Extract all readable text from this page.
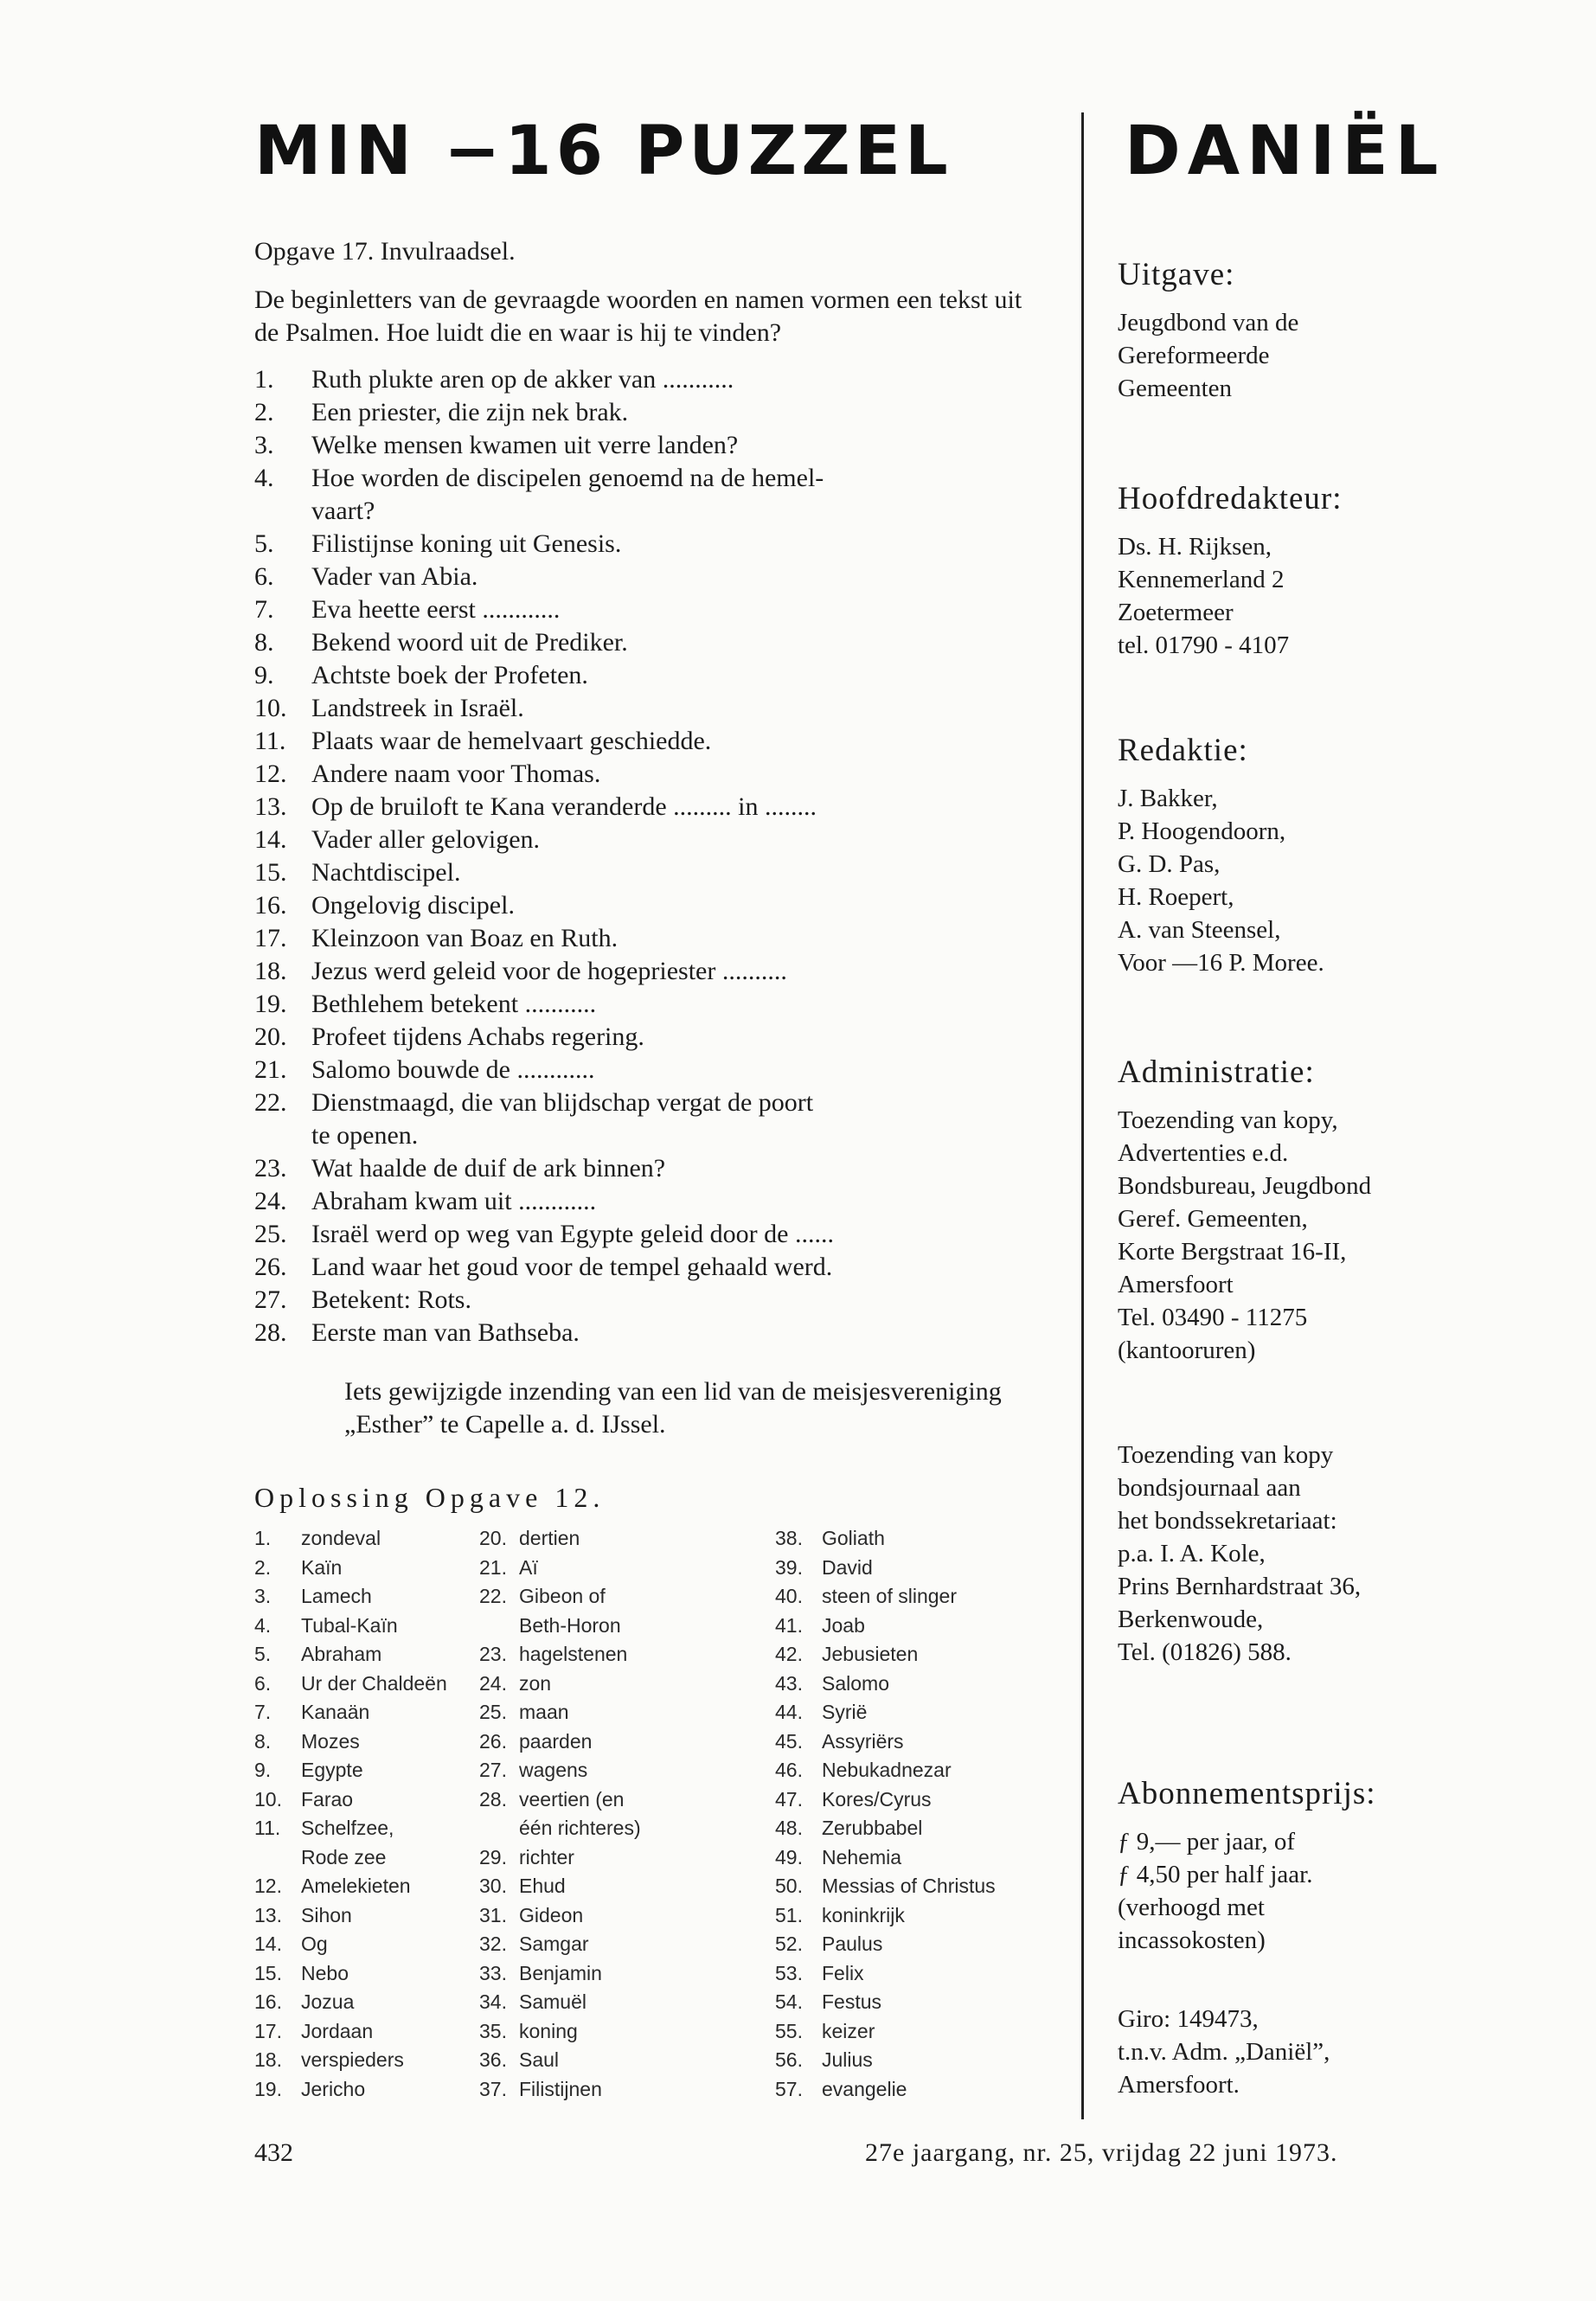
MIN −16 PUZZEL	DANIËL

Opgave 17. Invulraadsel.

De beginletters van de gevraagde woorden en namen vormen een tekst uit de Psalmen. Hoe luidt die en waar is hij te vinden?

1.	Ruth plukte aren op de akker van ...........
2.	Een priester, die zijn nek brak.
3.	Welke mensen kwamen uit verre landen?
4.	Hoe worden de discipelen genoemd na de hemel-
vaart?
5.	Filistijnse koning uit Genesis.
6.	Vader van Abia.
7.	Eva heette eerst ............
8.	Bekend woord uit de Prediker.
9.	Achtste boek der Profeten.
10. Landstreek in Israël.
11. Plaats waar de hemelvaart geschiedde.
12. Andere naam voor Thomas.
13. Op de bruiloft te Kana veranderde ......... in ........
14. Vader aller gelovigen.
15. Nachtdiscipel.
16. Ongelovig discipel.
17. Kleinzoon van Boaz en Ruth.
18. Jezus werd geleid voor de hogepriester ..........
19. Bethlehem betekent ...........
20. Profeet tijdens Achabs regering.
21. Salomo bouwde de ............
22. Dienstmaagd, die van blijdschap vergat de poort
te openen.
23. Wat haalde de duif de ark binnen?
24. Abraham kwam uit ............
25. Israël werd op weg van Egypte geleid door de ......
26. Land waar het goud voor de tempel gehaald werd.
27. Betekent: Rots.
28. Eerste man van Bathseba.

Iets gewijzigde inzending van een lid van de meisjesvereniging „Esther” te Capelle a. d. IJssel.

Oplossing Opgave 12.

1.	zondeval
2.	Kaïn
3.	Lamech
4.	Tubal-Kaïn
5.	Abraham
6.	Ur der Chaldeën
7.	Kanaän
8.	Mozes
9.	Egypte
10. Farao
11.	Schelfzee,
Rode zee
12. Amelekieten
13. Sihon
14. Og
15. Nebo
16. Jozua
17. Jordaan
18. verspieders
19. Jericho
20. dertien
21. Aï
22. Gibeon of
Beth-Horon
23. hagelstenen
24. zon
25. maan
26. paarden
27. wagens
28. veertien (en
één richteres)
29. richter
30. Ehud
31. Gideon
32. Samgar
33. Benjamin
34. Samuël
35. koning
36. Saul
37. Filistijnen
38. Goliath
39. David
40. steen of slinger
41. Joab
42. Jebusieten
43. Salomo
44. Syrië
45. Assyriërs
46. Nebukadnezar
47. Kores/Cyrus
48. Zerubbabel
49. Nehemia
50. Messias of Christus
51. koninkrijk
52. Paulus
53. Felix
54. Festus
55. keizer
56. Julius
57. evangelie
Uitgave:
Jeugdbond van de
Gereformeerde
Gemeenten
Hoofdredakteur:
Ds. H. Rijksen,
Kennemerland 2
Zoetermeer
tel. 01790 - 4107
Redaktie:
J. Bakker,
P. Hoogendoorn,
G. D. Pas,
H. Roepert,
A. van Steensel,
Voor —16 P. Moree.
Administratie:
Toezending van kopy,
Advertenties e.d.
Bondsbureau, Jeugdbond
Geref. Gemeenten,
Korte Bergstraat 16-II,
Amersfoort
Tel. 03490 - 11275
(kantooruren)
Toezending van kopy
bondsjournaal aan
het bondssekretariaat:
p.a. I. A. Kole,
Prins Bernhardstraat 36,
Berkenwoude,
Tel. (01826) 588.
Abonnementsprijs:
ƒ 9,— per jaar, of
ƒ 4,50 per half jaar.
(verhoogd met
incassokosten)
Giro: 149473,
t.n.v. Adm. „Daniël”,
Amersfoort.
432	27e jaargang, nr. 25, vrijdag 22 juni 1973.
